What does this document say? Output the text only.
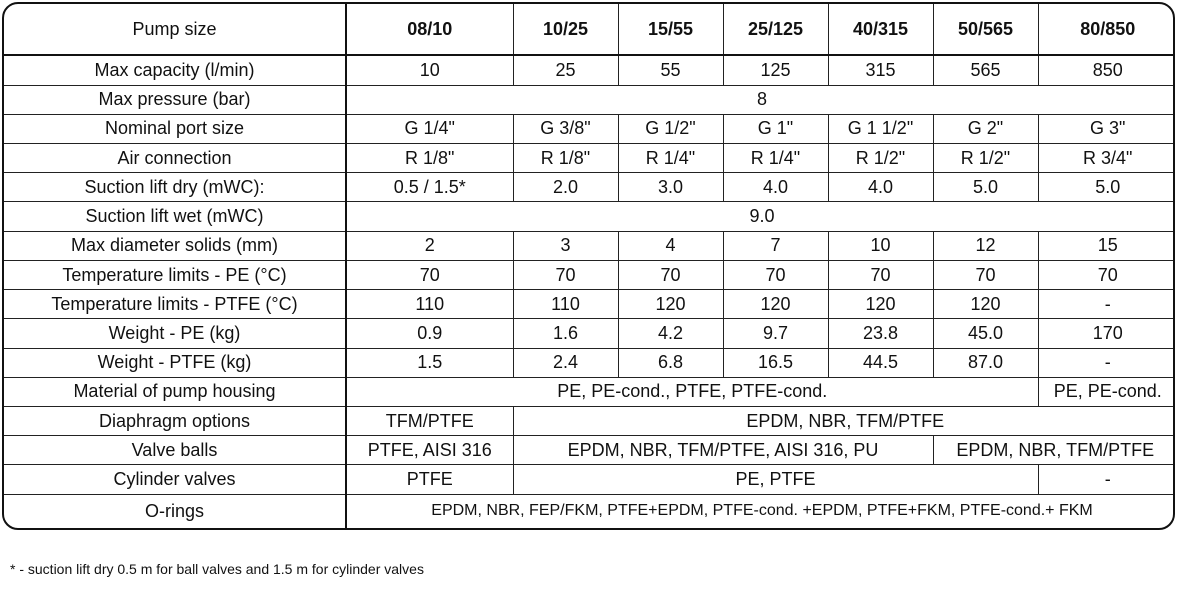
Pump size	08/10	10/25	15/55	25/125	40/315	50/565	80/850
Max capacity (l/min)	10	25	55	125	315	565	850
Max pressure (bar)	8						
Nominal port size	G 1/4"	G 3/8"	G 1/2"	G 1"	G 1 1/2"	G 2"	G 3"
Air connection	R 1/8"	R 1/8"	R 1/4"	R 1/4"	R 1/2"	R 1/2"	R 3/4"
Suction lift dry (mWC):	0.5 / 1.5*	2.0	3.0	4.0	4.0	5.0	5.0
Suction lift wet (mWC)	9.0						
Max diameter solids (mm)	2	3	4	7	10	12	15
Temperature limits - PE (°C)	70	70	70	70	70	70	70
Temperature limits - PTFE (°C)	110	110	120	120	120	120	-
Weight - PE (kg)	0.9	1.6	4.2	9.7	23.8	45.0	170
Weight - PTFE (kg)	1.5	2.4	6.8	16.5	44.5	87.0	-
Material of pump housing	PE, PE-cond., PTFE, PTFE-cond.						PE, PE-cond.
Diaphragm options	TFM/PTFE	EPDM, NBR, TFM/PTFE					
Valve balls	PTFE, AISI 316	EPDM, NBR, TFM/PTFE, AISI 316, PU				EPDM, NBR, TFM/PTFE	
Cylinder valves	PTFE	PE, PTFE					-
O-rings	EPDM, NBR, FEP/FKM, PTFE+EPDM, PTFE-cond. +EPDM, PTFE+FKM, PTFE-cond.+ FKM						
* - suction lift dry 0.5 m for ball valves and 1.5 m for cylinder valves
